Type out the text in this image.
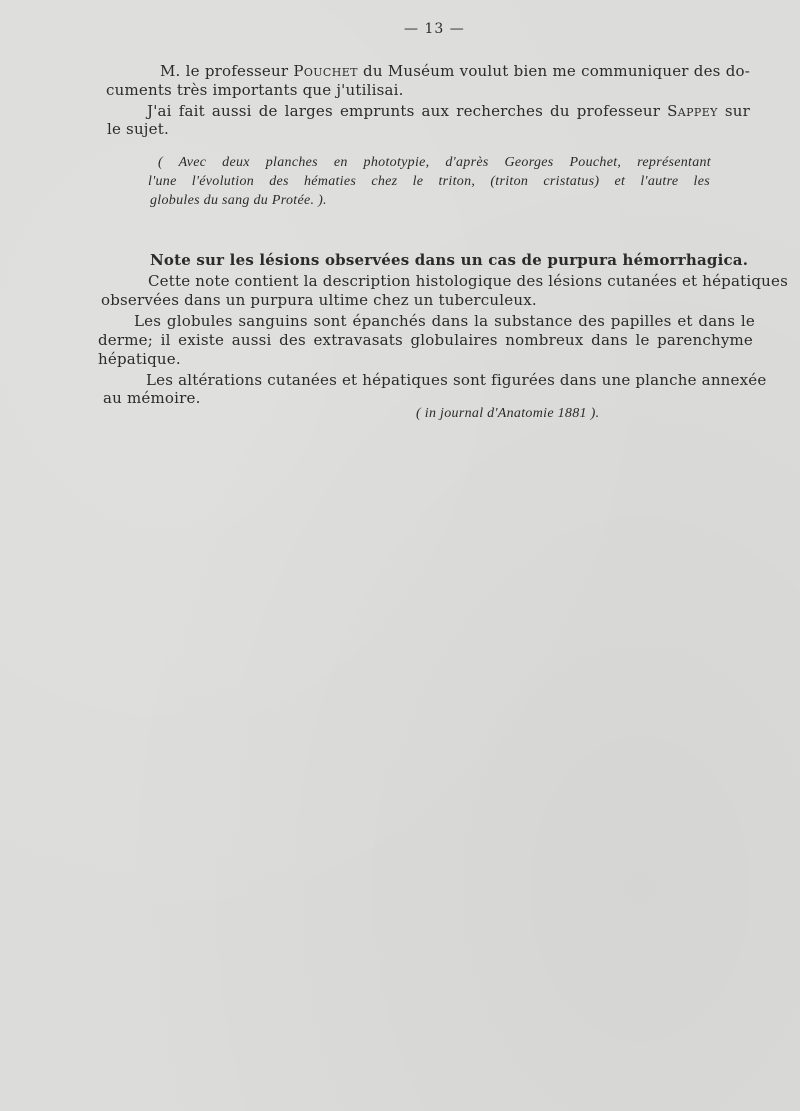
— 13 —
M. le professeur Pouchet du Muséum voulut bien me communiquer des do-
cuments très importants que j'utilisai.
J'ai fait aussi de larges emprunts aux recherches du professeur Sappey sur
le sujet.
( Avec deux planches en phototypie, d'après Georges Pouchet, représentant
l'une l'évolution des hématies chez le triton, (triton cristatus) et l'autre les
globules du sang du Protée. ).
Note sur les lésions observées dans un cas de purpura hémorrhagica.
Cette note contient la description histologique des lésions cutanées et hépatiques
observées dans un purpura ultime chez un tuberculeux.
Les globules sanguins sont épanchés dans la substance des papilles et dans le
derme; il existe aussi des extravasats globulaires nombreux dans le parenchyme
hépatique.
Les altérations cutanées et hépatiques sont figurées dans une planche annexée
au mémoire.
( in journal d'Anatomie 1881 ).
